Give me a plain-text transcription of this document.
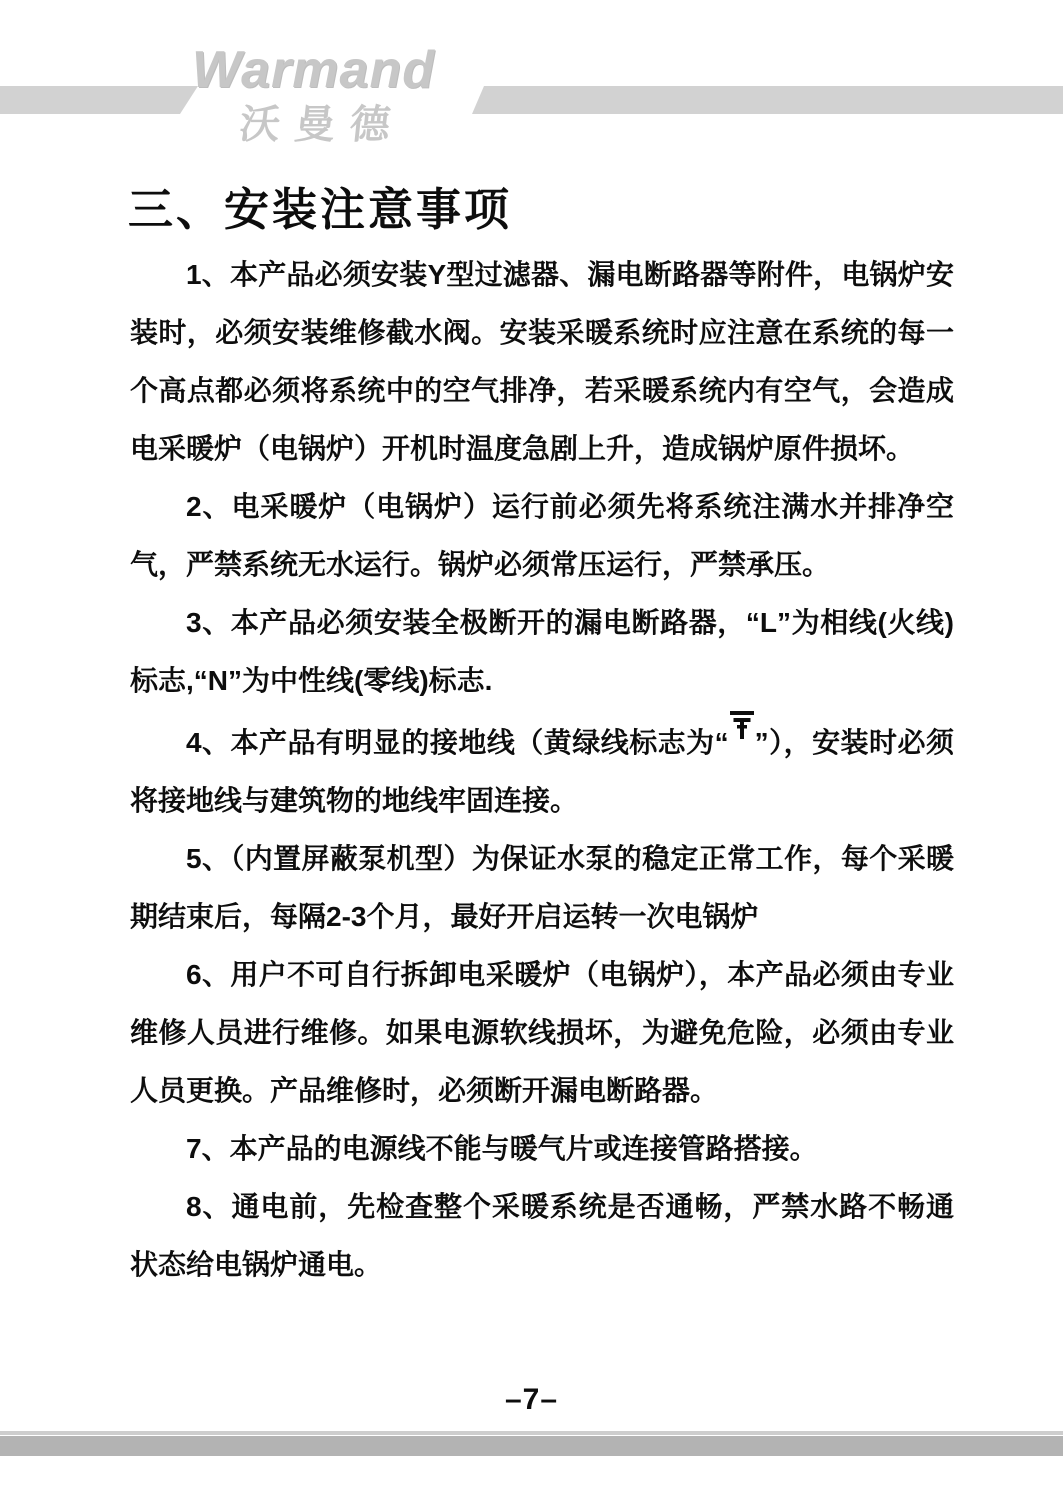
Warmand
沃曼德
三、安装注意事项

1、本产品必须安装Y型过滤器、漏电断路器等附件，电锅炉安装时，必须安装维修截水阀。安装采暖系统时应注意在系统的每一个高点都必须将系统中的空气排净，若采暖系统内有空气，会造成电采暖炉（电锅炉）开机时温度急剧上升，造成锅炉原件损坏。

2、电采暖炉（电锅炉）运行前必须先将系统注满水并排净空气，严禁系统无水运行。锅炉必须常压运行，严禁承压。

3、本产品必须安装全极断开的漏电断路器，“L”为相线(火线)标志,“N”为中性线(零线)标志.

4、本产品有明显的接地线（黄绿线标志为“ ”），安装时必须将接地线与建筑物的地线牢固连接。

5、（内置屏蔽泵机型）为保证水泵的稳定正常工作，每个采暖期结束后，每隔2-3个月，最好开启运转一次电锅炉

6、用户不可自行拆卸电采暖炉（电锅炉），本产品必须由专业维修人员进行维修。如果电源软线损坏，为避免危险，必须由专业人员更换。产品维修时，必须断开漏电断路器。

7、本产品的电源线不能与暖气片或连接管路搭接。

8、通电前，先检查整个采暖系统是否通畅，严禁水路不畅通状态给电锅炉通电。

–7–
